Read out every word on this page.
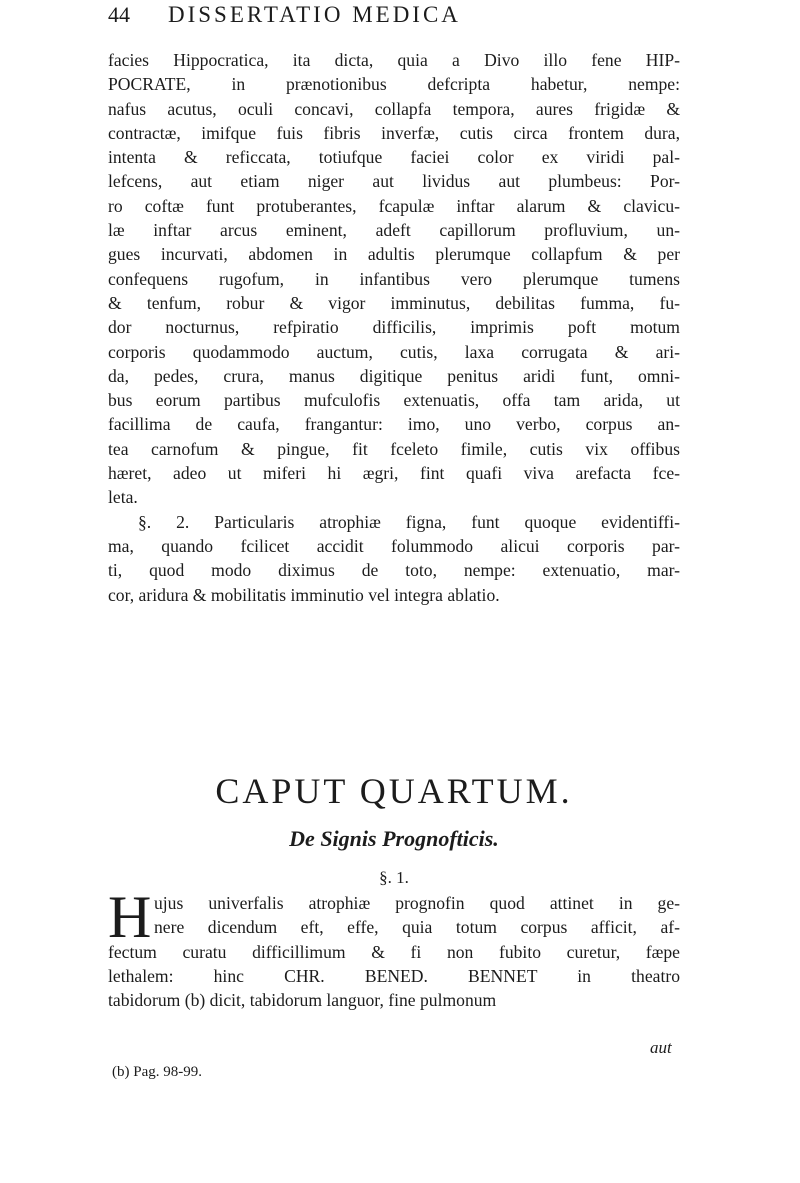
44	DISSERTATIO MEDICA
facies Hippocratica, ita dicta, quia a Divo illo fene HIP-
POCRATE, in prænotionibus defcripta habetur, nempe:
nafus acutus, oculi concavi, collapfa tempora, aures frigidæ &
contractæ, imifque fuis fibris inverfæ, cutis circa frontem dura,
intenta & reficcata, totiufque faciei color ex viridi pal-
lefcens, aut etiam niger aut lividus aut plumbeus: Por-
ro coftæ funt protuberantes, fcapulæ inftar alarum & clavicu-
læ inftar arcus eminent, adeft capillorum profluvium, un-
gues incurvati, abdomen in adultis plerumque collapfum & per
confequens rugofum, in infantibus vero plerumque tumens
& tenfum, robur & vigor imminutus, debilitas fumma, fu-
dor nocturnus, refpiratio difficilis, imprimis poft motum
corporis quodammodo auctum, cutis, laxa corrugata & ari-
da, pedes, crura, manus digitique penitus aridi funt, omni-
bus eorum partibus mufculofis extenuatis, offa tam arida, ut
facillima de caufa, frangantur: imo, uno verbo, corpus an-
tea carnofum & pingue, fit fceleto fimile, cutis vix offibus
hæret, adeo ut miferi hi ægri, fint quafi viva arefacta fce-
leta.
§. 2. Particularis atrophiæ figna, funt quoque evidentiffi-
ma, quando fcilicet accidit folummodo alicui corporis par-
ti, quod modo diximus de toto, nempe: extenuatio, mar-
cor, aridura & mobilitatis imminutio vel integra ablatio.
CAPUT QUARTUM.
De Signis Prognofticis.
§. 1.
H ujus univerfalis atrophiæ prognofin quod attinet in ge-
nere dicendum eft, effe, quia totum corpus afficit, af-
fectum curatu difficillimum & fi non fubito curetur, fæpe
lethalem: hinc CHR. BENED. BENNET in theatro
tabidorum (b) dicit, tabidorum languor, fine pulmonum
aut
(b) Pag. 98-99.
